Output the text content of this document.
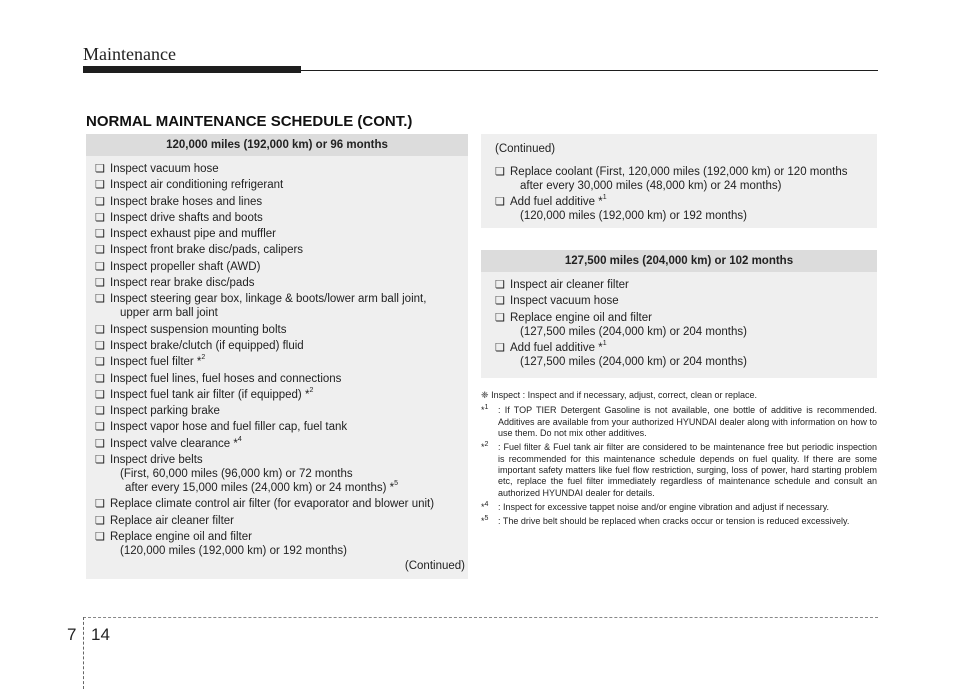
Maintenance
NORMAL MAINTENANCE SCHEDULE (CONT.)
120,000 miles (192,000 km) or 96 months
❏ Inspect vacuum hose
❏ Inspect air conditioning refrigerant
❏ Inspect brake hoses and lines
❏ Inspect drive shafts and boots
❏ Inspect exhaust pipe and muffler
❏ Inspect front brake disc/pads, calipers
❏ Inspect propeller shaft (AWD)
❏ Inspect rear brake disc/pads
❏ Inspect steering gear box, linkage & boots/lower arm ball joint,
upper arm ball joint
❏ Inspect suspension mounting bolts
❏ Inspect brake/clutch (if equipped) fluid
❏ Inspect fuel filter *$^2$
❏ Inspect fuel lines, fuel hoses and connections
❏ Inspect fuel tank air filter (if equipped) *$^2$
❏ Inspect parking brake
❏ Inspect vapor hose and fuel filler cap, fuel tank
❏ Inspect valve clearance *$^4$
❏ Inspect drive belts
(First, 60,000 miles (96,000 km) or 72 months
after every 15,000 miles (24,000 km) or 24 months) *$^5$
❏ Replace climate control air filter (for evaporator and blower unit)
❏ Replace air cleaner filter
❏ Replace engine oil and filter
(120,000 miles (192,000 km) or 192 months)
(Continued)
(Continued)
❏ Replace coolant (First, 120,000 miles (192,000 km) or 120 months
after every 30,000 miles (48,000 km) or 24 months)
❏ Add fuel additive *$^1$
(120,000 miles (192,000 km) or 192 months)
127,500 miles (204,000 km) or 102 months
❏ Inspect air cleaner filter
❏ Inspect vacuum hose
❏ Replace engine oil and filter
(127,500 miles (204,000 km) or 204 months)
❏ Add fuel additive *$^1$
(127,500 miles (204,000 km) or 204 months)
❈ Inspect : Inspect and if necessary, adjust, correct, clean or replace.
*$^1$ : If TOP TIER Detergent Gasoline is not available, one bottle of additive is recommended. Additives are available from your authorized HYUNDAI dealer along with information on how to use them. Do not mix other additives.
*$^2$ : Fuel filter & Fuel tank air filter are considered to be maintenance free but periodic inspection is recommended for this maintenance schedule depends on fuel quality. If there are some important safety matters like fuel flow restriction, surging, loss of power, hard starting problem etc, replace the fuel filter immediately regardless of maintenance schedule and consult an authorized HYUNDAI dealer for details.
*$^4$ : Inspect for excessive tappet noise and/or engine vibration and adjust if necessary.
*$^5$ : The drive belt should be replaced when cracks occur or tension is reduced excessively.
7 14
